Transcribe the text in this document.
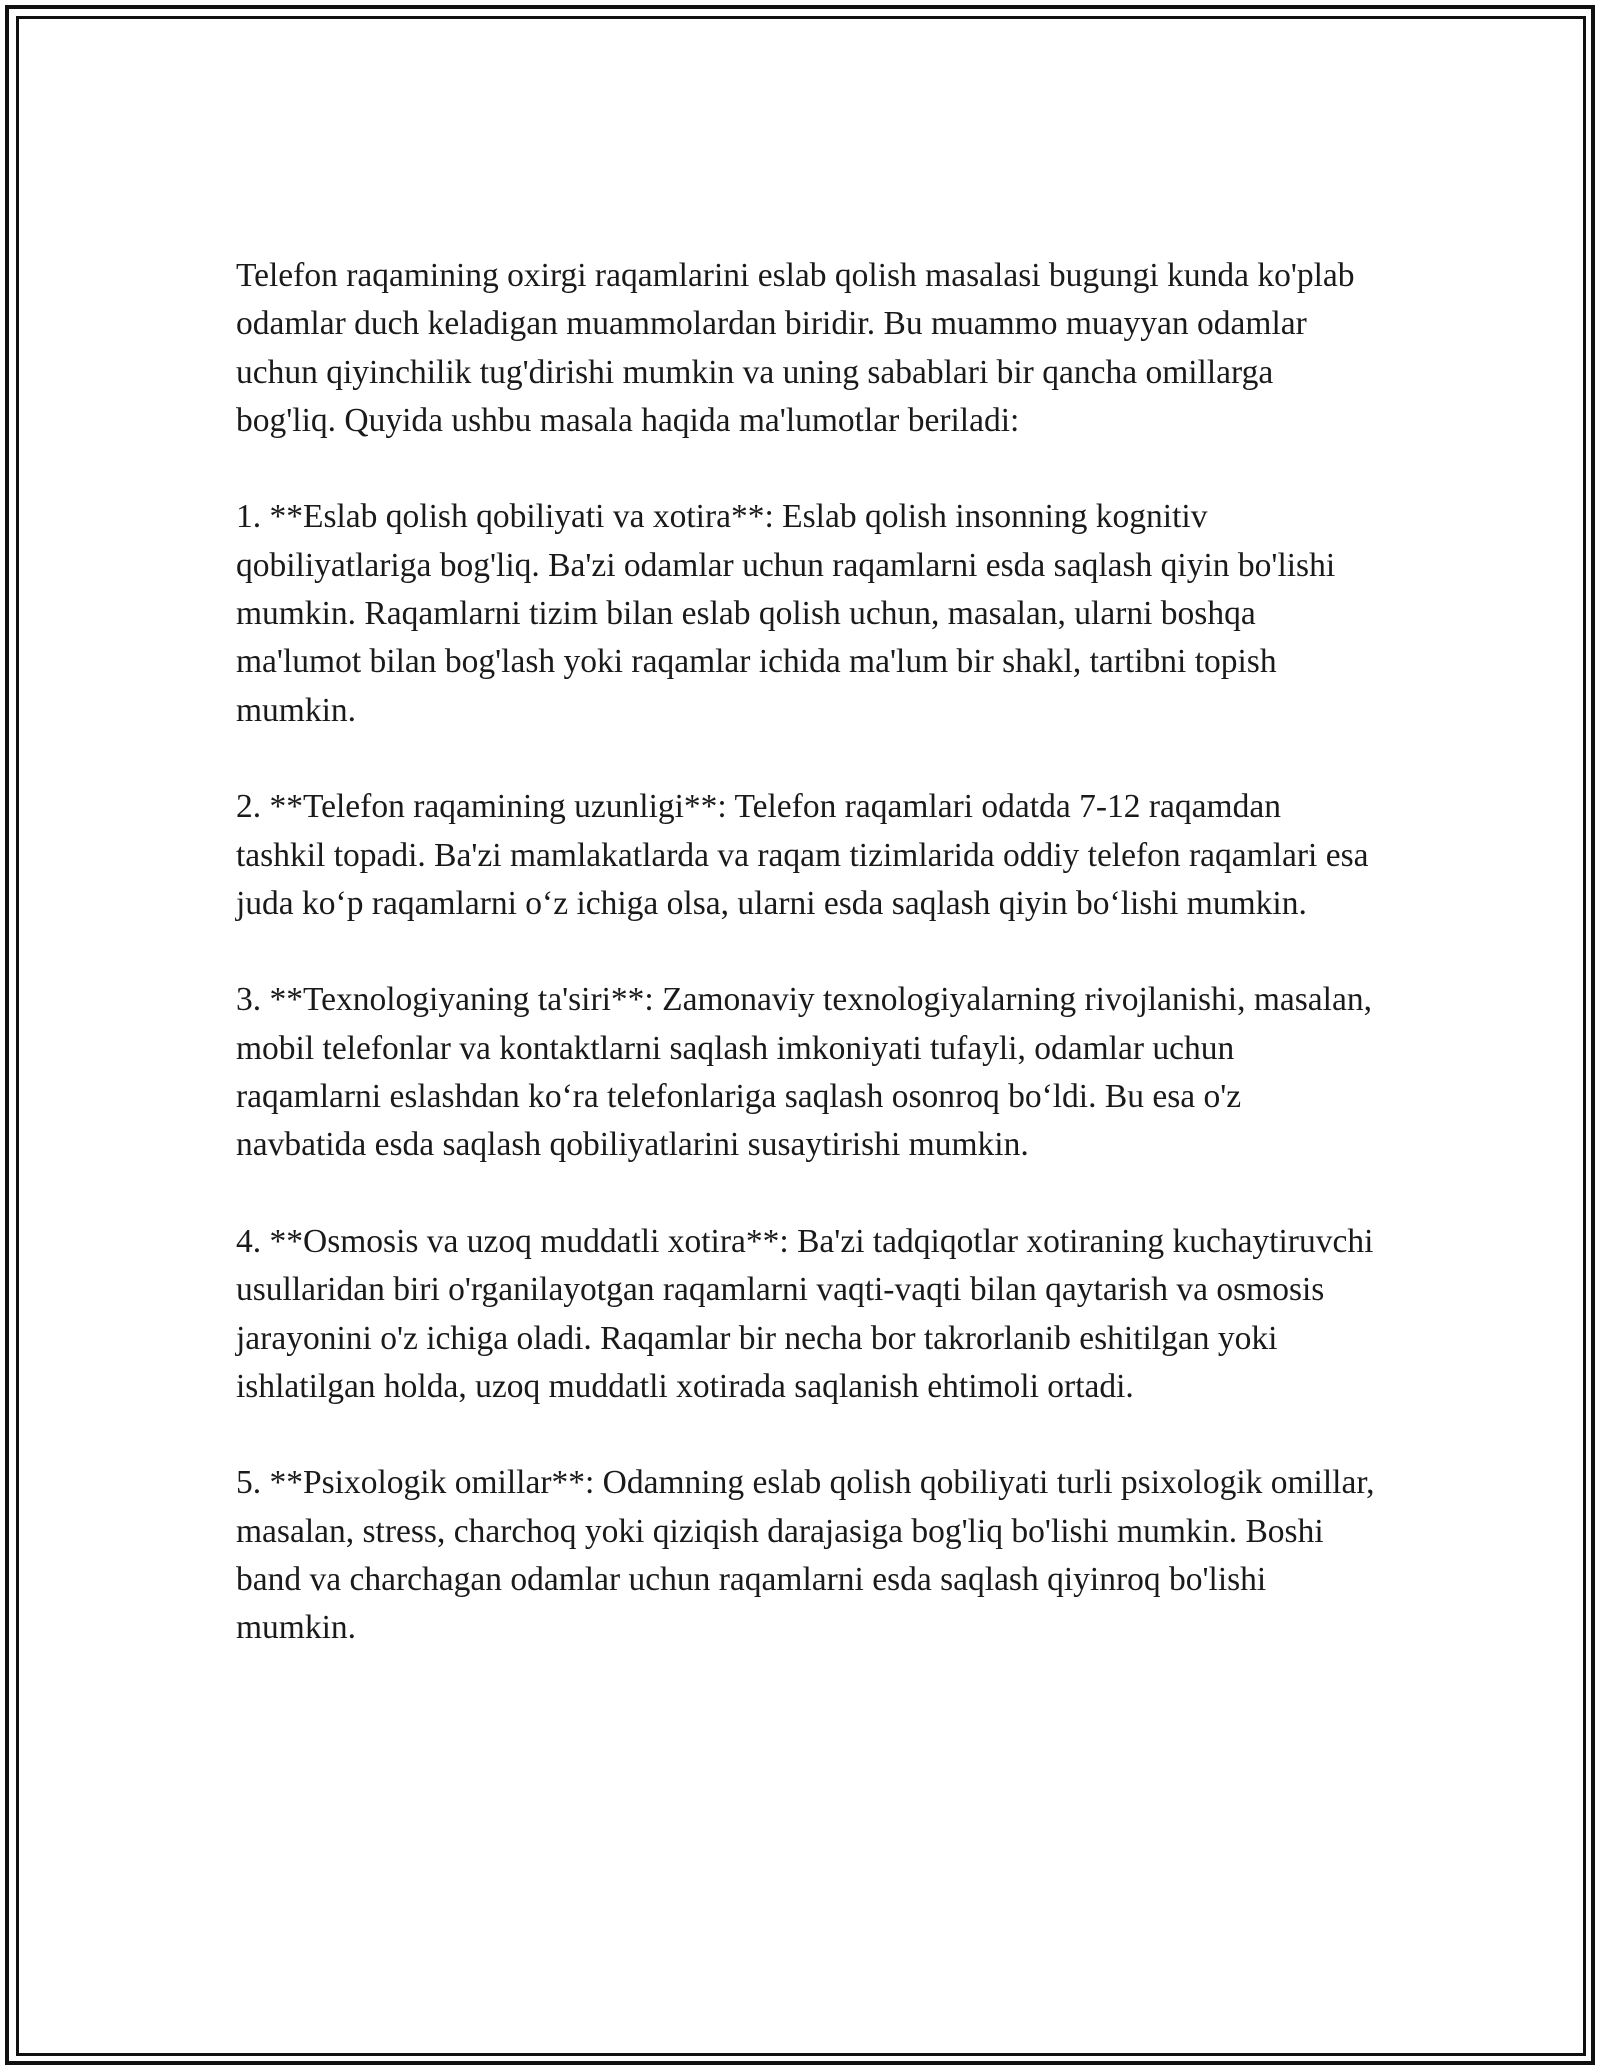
Telefon raqamining oxirgi raqamlarini eslab qolish masalasi bugungi kunda ko'plab odamlar duch keladigan muammolardan biridir. Bu muammo muayyan odamlar uchun qiyinchilik tug'dirishi mumkin va uning sabablari bir qancha omillarga bog'liq. Quyida ushbu masala haqida ma'lumotlar beriladi:

1. **Eslab qolish qobiliyati va xotira**: Eslab qolish insonning kognitiv qobiliyatlariga bog'liq. Ba'zi odamlar uchun raqamlarni esda saqlash qiyin bo'lishi mumkin. Raqamlarni tizim bilan eslab qolish uchun, masalan, ularni boshqa ma'lumot bilan bog'lash yoki raqamlar ichida ma'lum bir shakl, tartibni topish mumkin.

2. **Telefon raqamining uzunligi**: Telefon raqamlari odatda 7-12 raqamdan tashkil topadi. Ba'zi mamlakatlarda va raqam tizimlarida oddiy telefon raqamlari esa juda ko‘p raqamlarni o‘z ichiga olsa, ularni esda saqlash qiyin bo‘lishi mumkin.

3. **Texnologiyaning ta'siri**: Zamonaviy texnologiyalarning rivojlanishi, masalan, mobil telefonlar va kontaktlarni saqlash imkoniyati tufayli, odamlar uchun raqamlarni eslashdan ko‘ra telefonlariga saqlash osonroq bo‘ldi. Bu esa o'z navbatida esda saqlash qobiliyatlarini susaytirishi mumkin.

4. **Osmosis va uzoq muddatli xotira**: Ba'zi tadqiqotlar xotiraning kuchaytiruvchi usullaridan biri o'rganilayotgan raqamlarni vaqti-vaqti bilan qaytarish va osmosis jarayonini o'z ichiga oladi. Raqamlar bir necha bor takrorlanib eshitilgan yoki ishlatilgan holda, uzoq muddatli xotirada saqlanish ehtimoli ortadi.

5. **Psixologik omillar**: Odamning eslab qolish qobiliyati turli psixologik omillar, masalan, stress, charchoq yoki qiziqish darajasiga bog'liq bo'lishi mumkin. Boshi band va charchagan odamlar uchun raqamlarni esda saqlash qiyinroq bo'lishi mumkin.
